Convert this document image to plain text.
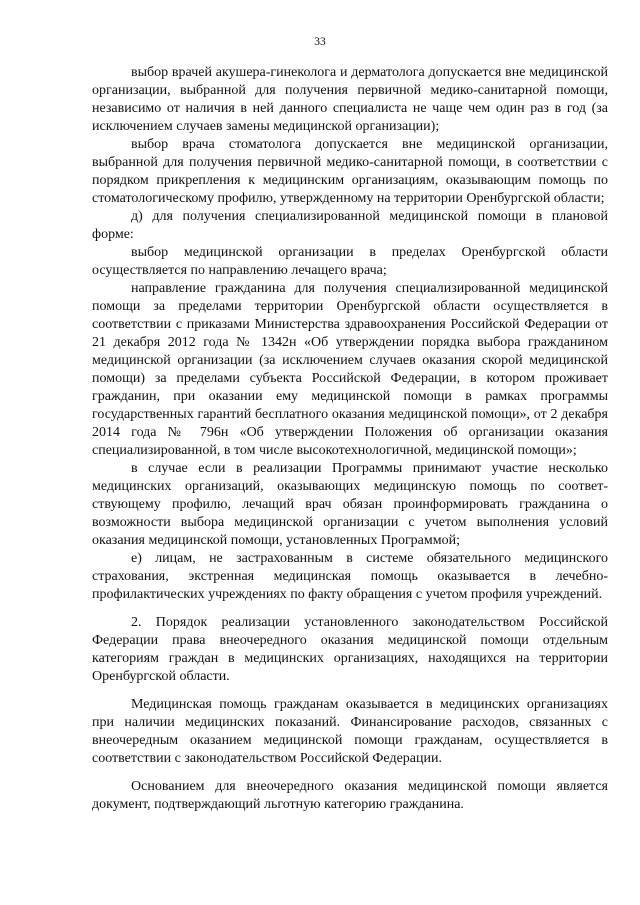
33

выбор врачей акушера-гинеколога и дерматолога допускается вне медицинской организации, выбранной для получения первичной медико-санитарной помощи, независимо от наличия в ней данного специалиста не чаще чем один раз в год (за исключением случаев замены медицинской организации);

выбор врача стоматолога допускается вне медицинской организации, выбранной для получения первичной медико-санитарной помощи, в соответствии с порядком прикрепления к медицинским организациям, оказывающим помощь по стоматологическому профилю, утвержденному на территории Оренбургской области;

д) для получения специализированной медицинской помощи в плановой форме:

выбор медицинской организации в пределах Оренбургской области осуществляется по направлению лечащего врача;

направление гражданина для получения специализированной медицинской помощи за пределами территории Оренбургской области осуществляется в соответствии с приказами Министерства здравоохранения Российской Федерации от 21 декабря 2012 года № 1342н «Об утверждении порядка выбора гражданином медицинской организации (за исключением случаев оказания скорой медицинской помощи) за пределами субъекта Российской Федерации, в котором проживает гражданин, при оказании ему медицинской помощи в рамках программы государственных гарантий бесплатного оказания медицинской помощи», от 2 декабря 2014 года № 796н «Об утверждении Положения об организации оказания специализированной, в том числе высокотехнологичной, медицинской помощи»;

в случае если в реализации Программы принимают участие несколько медицинских организаций, оказывающих медицинскую помощь по соответствующему профилю, лечащий врач обязан проинформировать гражданина о возможности выбора медицинской организации с учетом выполнения условий оказания медицинской помощи, установленных Программой;

е) лицам, не застрахованным в системе обязательного медицинского страхования, экстренная медицинская помощь оказывается в лечебно-профилактических учреждениях по факту обращения с учетом профиля учреждений.

2. Порядок реализации установленного законодательством Российской Федерации права внеочередного оказания медицинской помощи отдельным категориям граждан в медицинских организациях, находящихся на территории Оренбургской области.

Медицинская помощь гражданам оказывается в медицинских организациях при наличии медицинских показаний. Финансирование расходов, связанных с внеочередным оказанием медицинской помощи гражданам, осуществляется в соответствии с законодательством Российской Федерации.

Основанием для внеочередного оказания медицинской помощи является документ, подтверждающий льготную категорию гражданина.
